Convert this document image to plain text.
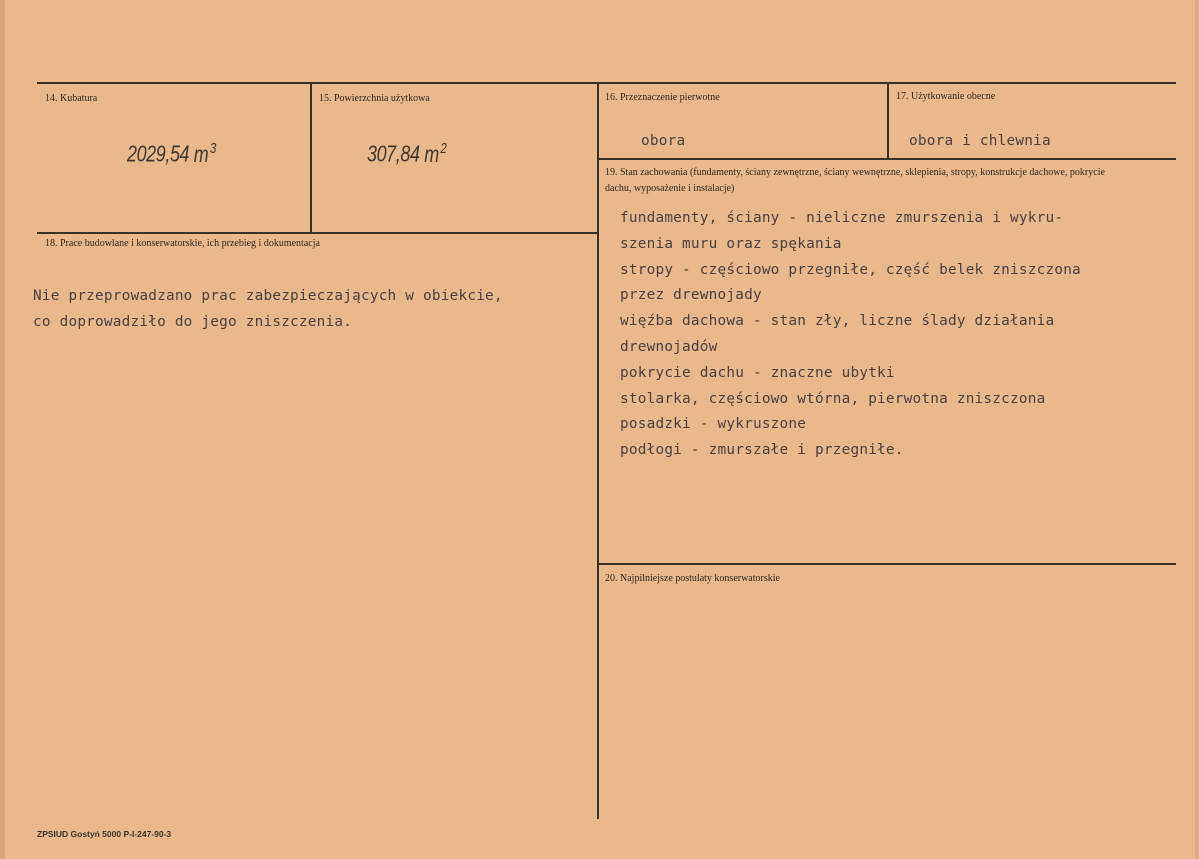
14. Kubatura
2029,54 m $^3$
15. Powierzchnia użytkowa
307,84 m $^2$
16. Przeznaczenie pierwotne
obora
17. Użytkowanie obecne
obora i chlewnia
18. Prace budowlane i konserwatorskie, ich przebieg i dokumentacja
Nie przeprowadzano prac zabezpieczających w obiekcie,
co doprowadziło do jego zniszczenia.
19. Stan zachowania (fundamenty, ściany zewnętrzne, ściany wewnętrzne, sklepienia, stropy, konstrukcje dachowe, pokrycie dachu, wyposażenie i instalacje)
fundamenty, ściany - nieliczne zmurszenia i wykru-
szenia muru oraz spękania
stropy - częściowo przegniłe, część belek zniszczona
przez drewnojady
więźba dachowa - stan zły, liczne ślady działania
drewnojadów
pokrycie dachu - znaczne ubytki
stolarka, częściowo wtórna, pierwotna zniszczona
posadzki - wykruszone
podłogi - zmurszałe i przegniłe.
20. Najpilniejsze postulaty konserwatorskie
ZPSIUD Gostyń 5000 P-I-247-90-3
